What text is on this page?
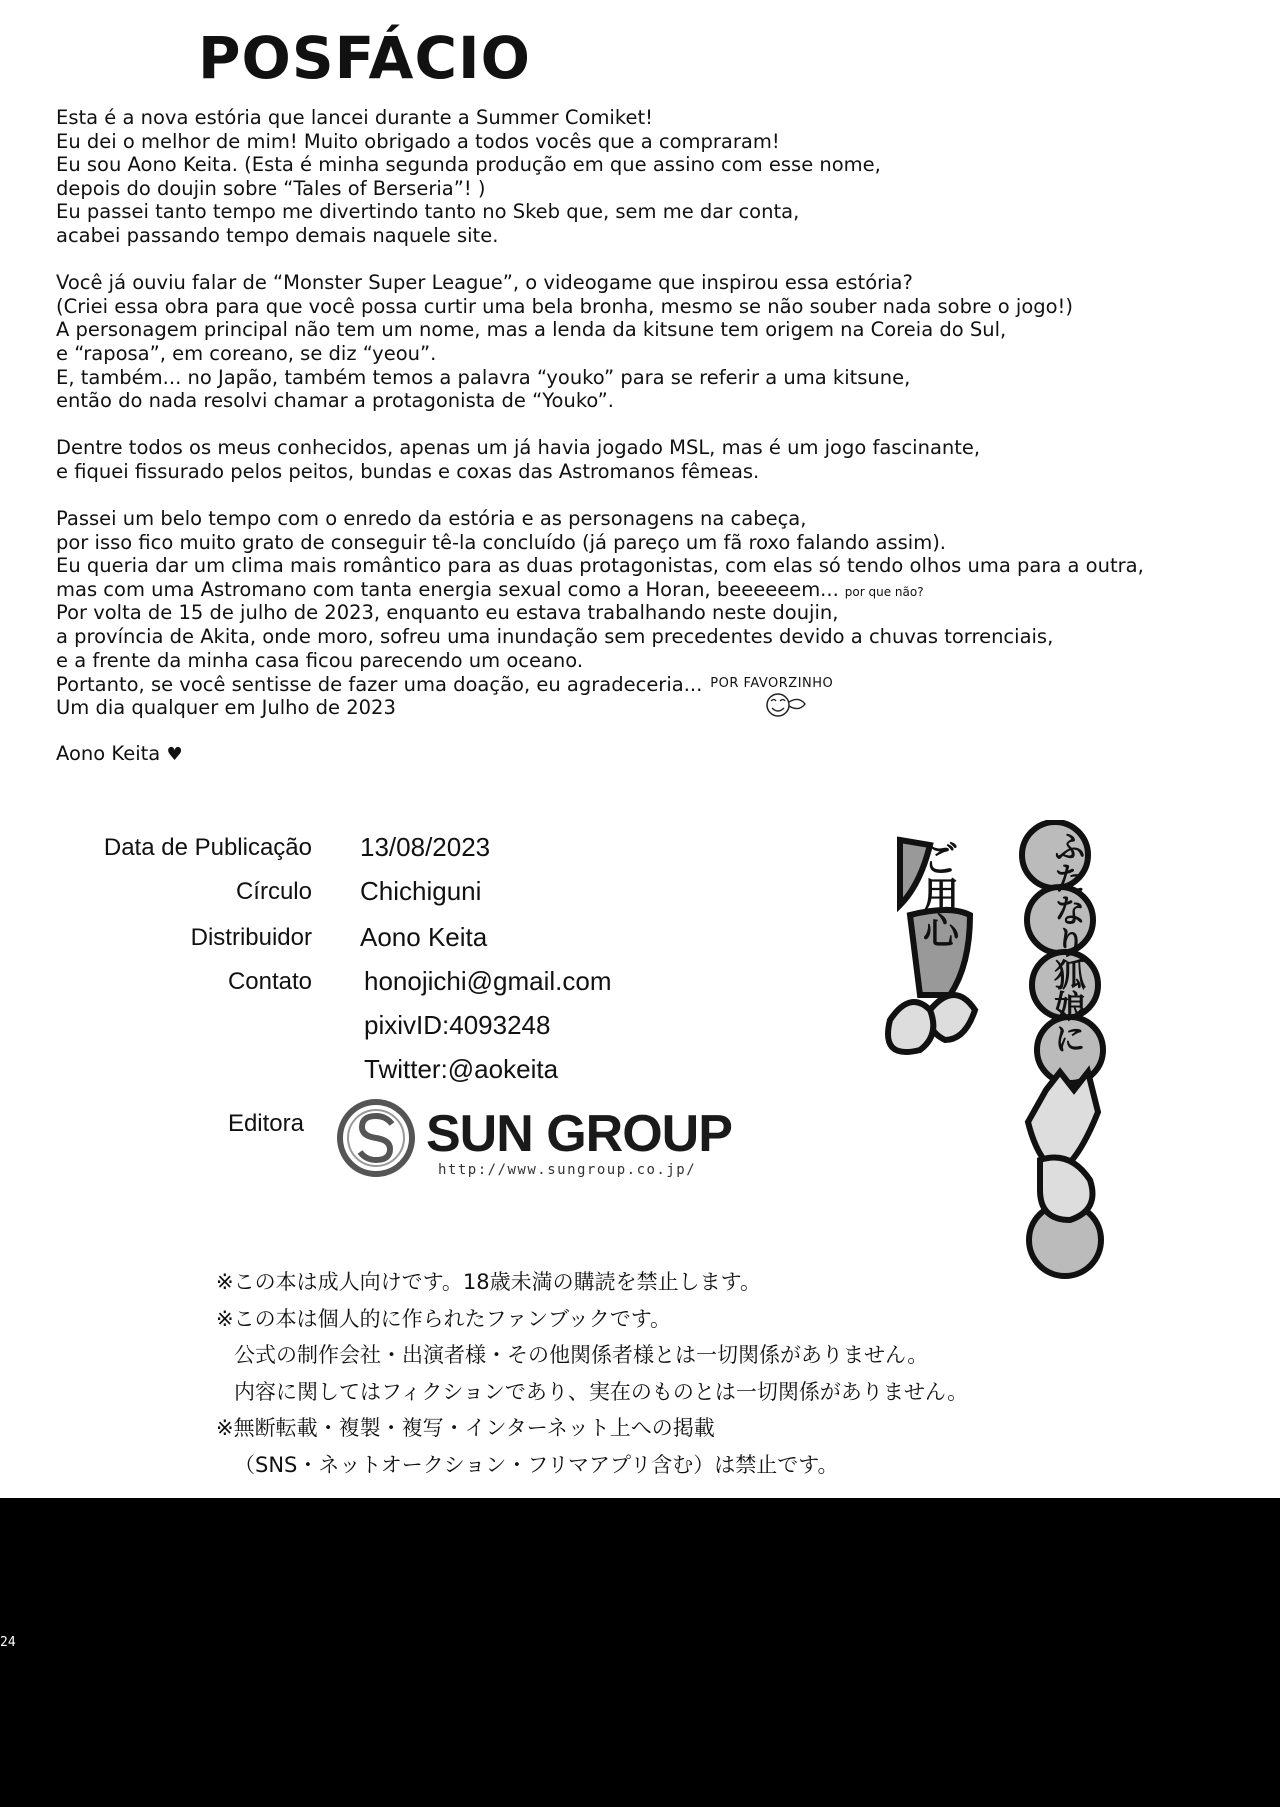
POSFÁCIO
Esta é a nova estória que lancei durante a Summer Comiket!
Eu dei o melhor de mim! Muito obrigado a todos vocês que a compraram!
Eu sou Aono Keita. (Esta é minha segunda produção em que assino com esse nome,
depois do doujin sobre “Tales of Berseria”! )
Eu passei tanto tempo me divertindo tanto no Skeb que, sem me dar conta,
acabei passando tempo demais naquele site.
Você já ouviu falar de “Monster Super League”, o videogame que inspirou essa estória?
(Criei essa obra para que você possa curtir uma bela bronha, mesmo se não souber nada sobre o jogo!)
A personagem principal não tem um nome, mas a lenda da kitsune tem origem na Coreia do Sul,
e “raposa”, em coreano, se diz “yeou”.
E, também... no Japão, também temos a palavra “youko” para se referir a uma kitsune,
então do nada resolvi chamar a protagonista de “Youko”.
Dentre todos os meus conhecidos, apenas um já havia jogado MSL, mas é um jogo fascinante,
e fiquei fissurado pelos peitos, bundas e coxas das Astromanos fêmeas.
Passei um belo tempo com o enredo da estória e as personagens na cabeça,
por isso fico muito grato de conseguir tê-la concluído (já pareço um fã roxo falando assim).
Eu queria dar um clima mais romântico para as duas protagonistas, com elas só tendo olhos uma para a outra,
mas com uma Astromano com tanta energia sexual como a Horan, beeeeeem... por que não?
Por volta de 15 de julho de 2023, enquanto eu estava trabalhando neste doujin,
a província de Akita, onde moro, sofreu uma inundação sem precedentes devido a chuvas torrenciais,
e a frente da minha casa ficou parecendo um oceano.
Portanto, se você sentisse de fazer uma doação, eu agradeceria... $^{POR FAVORZINHO}$
Um dia qualquer em Julho de 2023
Aono Keita ♥
Data de Publicação 13/08/2023
Círculo Chichiguni
Distribuidor Aono Keita
Contato honojichi@gmail.com
pixivID:4093248
Twitter:@aokeita
Editora SUN GROUP
http://www.sungroup.co.jp/
※この本は成人向けです。18歳未満の購読を禁止します。
※この本は個人的に作られたファンブックです。
公式の制作会社・出演者様・その他関係者様とは一切関係がありません。
内容に関してはフィクションであり、実在のものとは一切関係がありません。
※無断転載・複製・複写・インターネット上への掲載
（SNS・ネットオークション・フリマアプリ含む）は禁止です。
ふたなり狐娘に
ご用心
24
